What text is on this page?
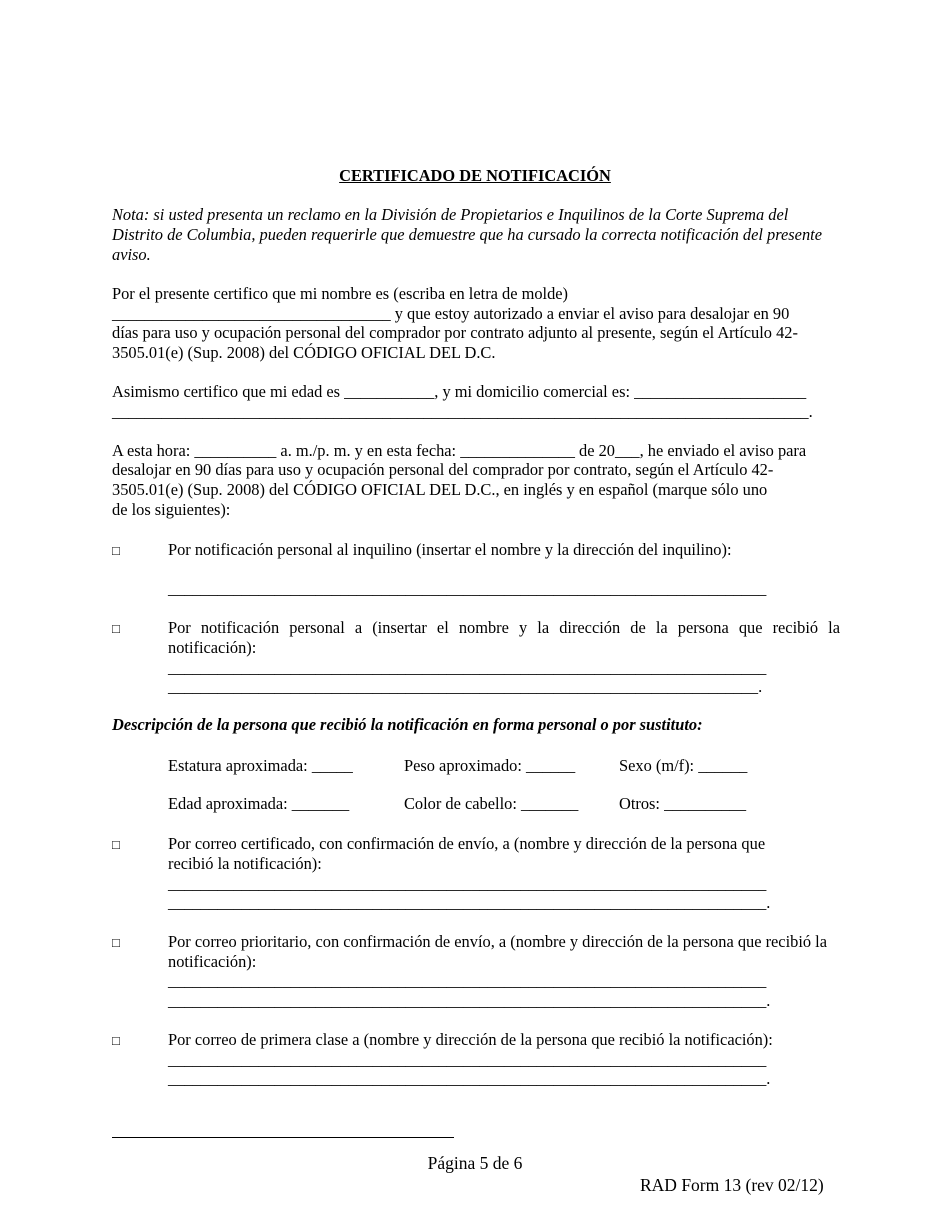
CERTIFICADO DE NOTIFICACIÓN
Nota: si usted presenta un reclamo en la División de Propietarios e Inquilinos de la Corte Suprema del Distrito de Columbia, pueden requerirle que demuestre que ha cursado la correcta notificación del presente aviso.
Por el presente certifico que mi nombre es (escriba en letra de molde)
__________________________________ y que estoy autorizado a enviar el aviso para desalojar en 90
días para uso y ocupación personal del comprador por contrato adjunto al presente, según el Artículo 42-
3505.01(e) (Sup. 2008) del CÓDIGO OFICIAL DEL D.C.
Asimismo certifico que mi edad es ___________, y mi domicilio comercial es: _____________________
_____________________________________________________________________________________.
A esta hora: __________ a. m./p. m. y en esta fecha: ______________ de 20___, he enviado el aviso para
desalojar en 90 días para uso y ocupación personal del comprador por contrato, según el Artículo 42-
3505.01(e) (Sup. 2008) del CÓDIGO OFICIAL DEL D.C., en inglés y en español (marque sólo uno
de los siguientes):
□	Por notificación personal al inquilino (insertar el nombre y la dirección del inquilino):
_________________________________________________________________________
□	Por notificación personal a (insertar el nombre y la dirección de la persona que recibió la notificación):
_________________________________________________________________________
________________________________________________________________________.
Descripción de la persona que recibió la notificación en forma personal o por sustituto:
Estatura aproximada: _____	Peso aproximado: ______	Sexo (m/f): ______
Edad aproximada: _______	Color de cabello: _______ Otros: __________
□	Por correo certificado, con confirmación de envío, a (nombre y dirección de la persona que recibió la notificación):
_________________________________________________________________________
_________________________________________________________________________.
□	Por correo prioritario, con confirmación de envío, a (nombre y dirección de la persona que recibió la notificación):
_________________________________________________________________________
_________________________________________________________________________.
□	Por correo de primera clase a (nombre y dirección de la persona que recibió la notificación):
_________________________________________________________________________
_________________________________________________________________________.
Página 5 de 6
RAD Form 13 (rev 02/12)
